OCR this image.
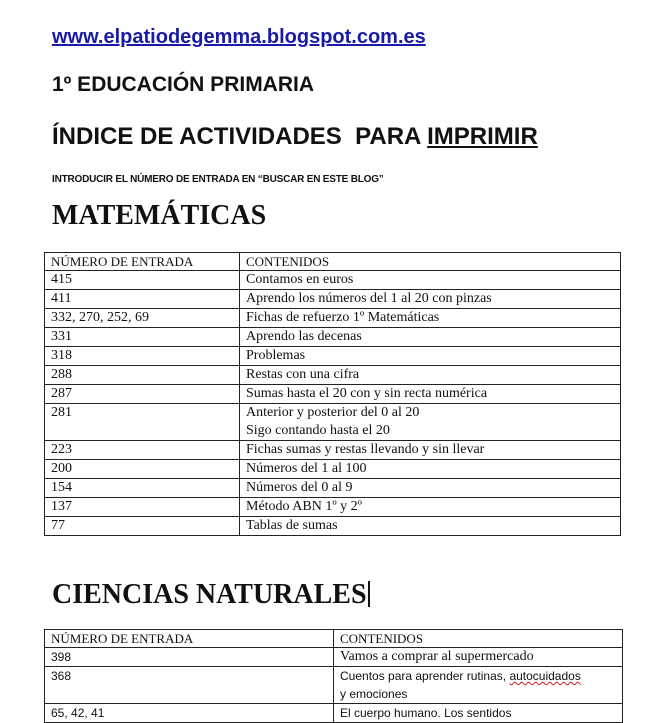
www.elpatiodegemma.blogspot.com.es
1º EDUCACIÓN PRIMARIA
ÍNDICE DE ACTIVIDADES  PARA IMPRIMIR
INTRODUCIR EL NÚMERO DE ENTRADA EN “BUSCAR EN ESTE BLOG”
MATEMÁTICAS
NÚMERO DE ENTRADA	CONTENIDOS
415	Contamos en euros

411	Aprendo los números del 1 al 20 con pinzas

332, 270, 252, 69	Fichas de refuerzo 1º Matemáticas

331	Aprendo las decenas

318	Problemas

288	Restas con una cifra

287	Sumas hasta el 20 con y sin recta numérica

281	Anterior y posterior del 0 al 20
Sigo contando hasta el 20

223	Fichas sumas y restas llevando y sin llevar

200	Números del 1 al 100

154	Números del 0 al 9

137	Método ABN 1º y 2º

77	Tablas de sumas
CIENCIAS NATURALES
NÚMERO DE ENTRADA	CONTENIDOS
398	Vamos a comprar al supermercado
368	Cuentos para aprender rutinas, autocuidados
y emociones

65, 42, 41	El cuerpo humano. Los sentidos
